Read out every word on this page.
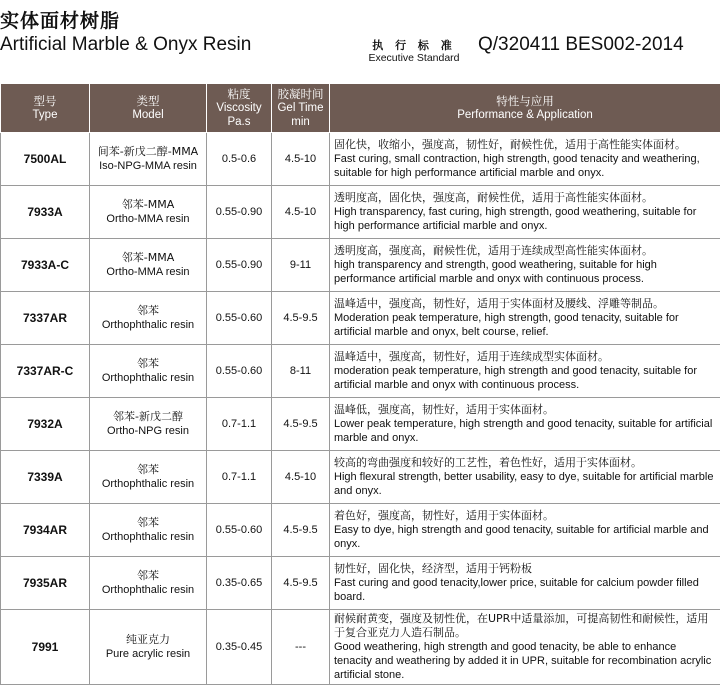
实体面材树脂
Artificial Marble & Onyx Resin	执 行 标 准
Executive Standard
Q/320411 BES002-2014
型号
Type	类型
Model	粘度
Viscosity
Pa.s	胶凝时间
Gel Time
min	特性与应用
Performance & Application

7500AL	间苯-新戊二醇-MMA
Iso-NPG-MMA resin	0.5-0.6	4.5-10	固化快，收缩小，强度高，韧性好，耐候性优，适用于高性能实体面材。
Fast curing, small contraction, high strength, good tenacity and weathering, suitable for high performance artificial marble and onyx.

7933A	邻苯-MMA
Ortho-MMA resin	0.55-0.90	4.5-10	透明度高，固化快，强度高，耐候性优，适用于高性能实体面材。
High transparency, fast curing, high strength, good weathering, suitable for high performance artificial marble and onyx.

7933A-C	邻苯-MMA
Ortho-MMA resin	0.55-0.90	9-11	透明度高，强度高，耐候性优，适用于连续成型高性能实体面材。
high transparency and strength, good weathering, suitable for high performance artificial marble and onyx with continuous process.

7337AR	邻苯
Orthophthalic resin	0.55-0.60	4.5-9.5	温峰适中，强度高，韧性好，适用于实体面材及腰线、浮雕等制品。
Moderation peak temperature, high strength, good tenacity, suitable for artificial marble and onyx, belt course, relief.

7337AR-C	邻苯
Orthophthalic resin	0.55-0.60	8-11	温峰适中，强度高，韧性好，适用于连续成型实体面材。
moderation peak temperature, high strength and good tenacity, suitable for artificial marble and onyx with continuous process.

7932A	邻苯-新戊二醇
Ortho-NPG resin	0.7-1.1	4.5-9.5	温峰低，强度高，韧性好，适用于实体面材。
Lower peak temperature, high strength and good tenacity, suitable for artificial marble and onyx.

7339A	邻苯
Orthophthalic resin	0.7-1.1	4.5-10	较高的弯曲强度和较好的工艺性，着色性好，适用于实体面材。
High flexural strength, better usability, easy to dye, suitable for artificial marble and onyx.

7934AR	邻苯
Orthophthalic resin	0.55-0.60	4.5-9.5	着色好，强度高，韧性好，适用于实体面材。
Easy to dye, high strength and good tenacity, suitable for artificial marble and onyx.

7935AR	邻苯
Orthophthalic resin	0.35-0.65	4.5-9.5	韧性好，固化快，经济型，适用于钙粉板
Fast curing and good tenacity,lower price, suitable for calcium powder filled board.

7991	纯亚克力
Pure acrylic resin	0.35-0.45	---	耐候耐黄变，强度及韧性优，在UPR中适量添加，可提高韧性和耐候性，适用于复合亚克力人造石制品。
Good weathering, high strength and good tenacity, be able to enhance tenacity and weathering by added it in UPR, suitable for recombination acrylic artificial stone.
